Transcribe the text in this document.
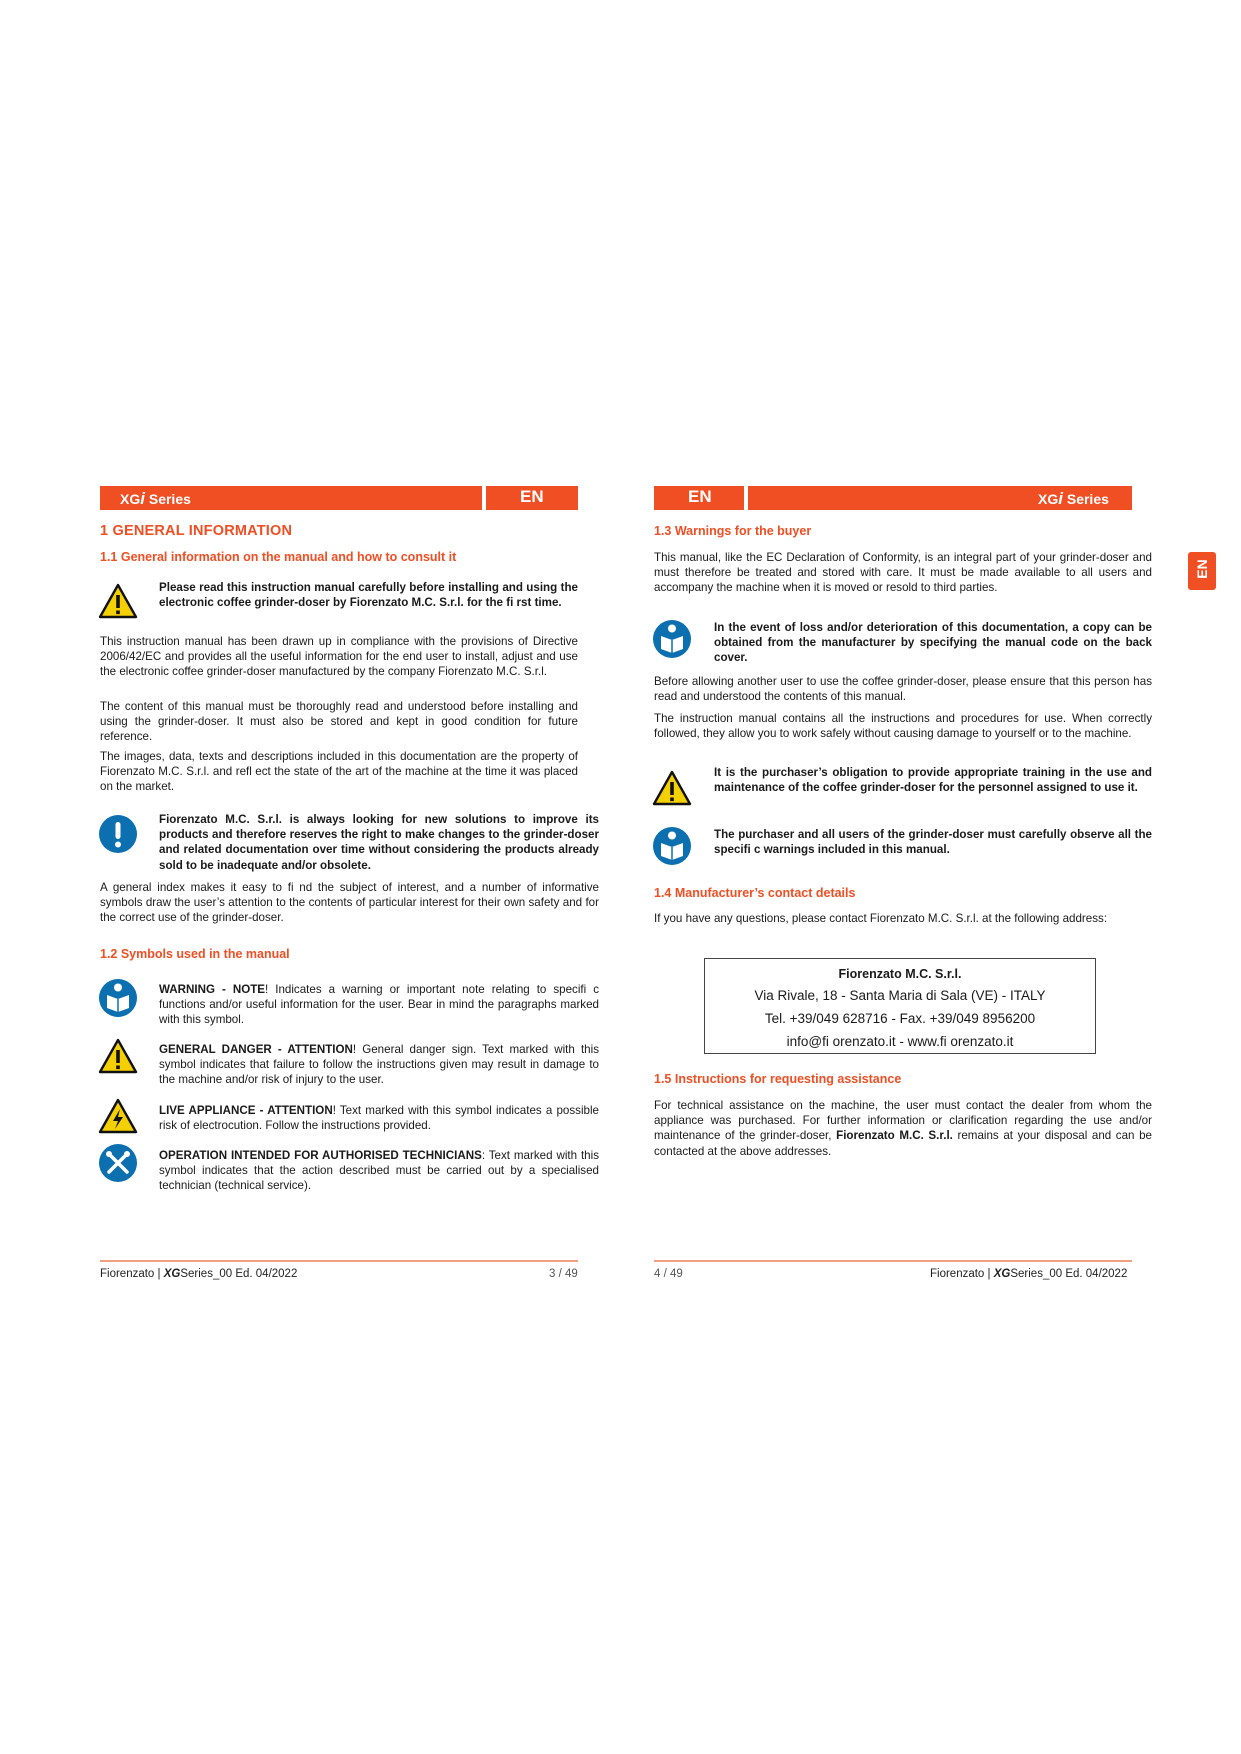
XGi Series	EN
1 GENERAL INFORMATION
1.1 General information on the manual and how to consult it

Please read this instruction manual carefully before installing and using the electronic coffee grinder-doser by Fiorenzato M.C. S.r.l. for the fi rst time.

This instruction manual has been drawn up in compliance with the provisions of Directive 2006/42/EC and provides all the useful information for the end user to install, adjust and use the electronic coffee grinder-doser manufactured by the company Fiorenzato M.C. S.r.l.

The content of this manual must be thoroughly read and understood before installing and using the grinder-doser. It must also be stored and kept in good condition for future reference.

The images, data, texts and descriptions included in this documentation are the property of Fiorenzato M.C. S.r.l. and refl ect the state of the art of the machine at the time it was placed on the market.

Fiorenzato M.C. S.r.l. is always looking for new solutions to improve its products and therefore reserves the right to make changes to the grinder-doser and related documentation over time without considering the products already sold to be inadequate and/or obsolete.

A general index makes it easy to fi nd the subject of interest, and a number of informative symbols draw the user’s attention to the contents of particular interest for their own safety and for the correct use of the grinder-doser.

1.2 Symbols used in the manual

WARNING - NOTE! Indicates a warning or important note relating to specifi c functions and/or useful information for the user. Bear in mind the paragraphs marked with this symbol.

GENERAL DANGER - ATTENTION! General danger sign. Text marked with this symbol indicates that failure to follow the instructions given may result in damage to the machine and/or risk of injury to the user.

LIVE APPLIANCE - ATTENTION! Text marked with this symbol indicates a possible risk of electrocution. Follow the instructions provided.

OPERATION INTENDED FOR AUTHORISED TECHNICIANS: Text marked with this symbol indicates that the action described must be carried out by a specialised technician (technical service).

Fiorenzato | XGSeries_00 Ed. 04/2022	3 / 49
EN	XGi Series
1.3 Warnings for the buyer

This manual, like the EC Declaration of Conformity, is an integral part of your grinder-doser and must therefore be treated and stored with care. It must be made available to all users and accompany the machine when it is moved or resold to third parties.

In the event of loss and/or deterioration of this documentation, a copy can be obtained from the manufacturer by specifying the manual code on the back cover.

Before allowing another user to use the coffee grinder-doser, please ensure that this person has read and understood the contents of this manual.

The instruction manual contains all the instructions and procedures for use. When correctly followed, they allow you to work safely without causing damage to yourself or to the machine.

It is the purchaser’s obligation to provide appropriate training in the use and maintenance of the coffee grinder-doser for the personnel assigned to use it.

The purchaser and all users of the grinder-doser must carefully observe all the specifi c warnings included in this manual.

1.4 Manufacturer’s contact details

If you have any questions, please contact Fiorenzato M.C. S.r.l. at the following address:

1.5 Instructions for requesting assistance

For technical assistance on the machine, the user must contact the dealer from whom the appliance was purchased. For further information or clarification regarding the use and/or maintenance of the grinder-doser, Fiorenzato M.C. S.r.l. remains at your disposal and can be contacted at the above addresses.

4 / 49	Fiorenzato | XGSeries_00 Ed. 04/2022
Fiorenzato M.C. S.r.l.
Via Rivale, 18 - Santa Maria di Sala (VE) - ITALY
Tel. +39/049 628716 - Fax. +39/049 8956200
info@fi orenzato.it - www.fi orenzato.it
EN
